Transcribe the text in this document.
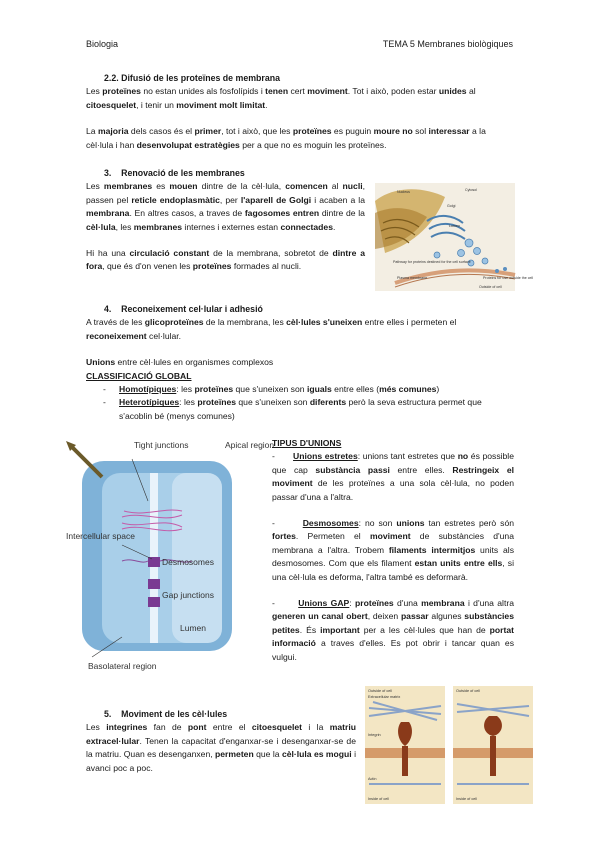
Biologia	TEMA 5 Membranes biològiques
2.2. Difusió de les proteïnes de membrana

Les proteïnes no estan unides als fosfolípids i tenen cert moviment. Tot i això, poden estar unides al citoesquelet, i tenir un moviment molt limitat.

La majoria dels casos és el primer, tot i això, que les proteïnes es puguin moure no sol interessar a la cèl·lula i han desenvolupat estratègies per a que no es moguin les proteïnes.

3.    Renovació de les membranes

Les membranes es mouen dintre de la cèl·lula, comencen al nucli, passen pel reticle endoplasmàtic, per l'aparell de Golgi i acaben a la membrana. En altres casos, a traves de fagosomes entren dintre de la cèl·lula, les membranes internes i externes estan connectades.

Hi ha una circulació constant de la membrana, sobretot de dintre a fora, que és d'on venen les proteïnes formades al nucli.

Nucleus	Cytosol
Golgi
Lumen
Pathway for proteins destined for the cell surface
Plasma membrane	Proteins for use outside the cell
Outside of cell
4.    Reconeixement cel·lular i adhesió

A través de les glicoproteïnes de la membrana, les cèl·lules s'uneixen entre elles i permeten el reconeixement cel·lular.

Unions entre cèl·lules en organismes complexos

CLASSIFICACIÓ GLOBAL

- Homotípiques: les proteïnes que s'uneixen son iguals entre elles (més comunes)
- Heterotípiques: les proteïnes que s'uneixen son diferents però la seva estructura permet que s'acoblin bé (menys comunes)
Tight junctions	Apical region
Intercellular space
Desmosomes
Gap junctions
Lumen
Basolateral region

TIPUS D'UNIONS

-       Unions estretes: unions tant estretes que no és possible que cap substància passi entre elles. Restringeix el moviment de les proteïnes a una sola cèl·lula, no poden passar d'una a l'altra.

-       Desmosomes: no son unions tan estretes però són fortes. Permeten el moviment de substàncies d'una membrana a l'altra. Trobem filaments intermitjos units als desmosomes. Com que els filament estan units entre ells, si una cèl·lula es deforma, l'altra també es deformarà.

-       Unions GAP: proteïnes d'una membrana i d'una altra generen un canal obert, deixen passar algunes substàncies petites. És important per a les cèl·lules que han de portat informació a traves d'elles. Es pot obrir i tancar quan es vulgui.

5.    Moviment de les cèl·lules

Les integrines fan de pont entre el citoesquelet i la matriu extracel·lular. Tenen la capacitat d'enganxar-se i desenganxar-se de la matriu. Quan es desenganxen, permeten que la cèl·lula es mogui i avanci poc a poc.

Outside of cell
Extracellular matrix
Integrin
Actin
Inside of cell
Outside of cell
Inside of cell
